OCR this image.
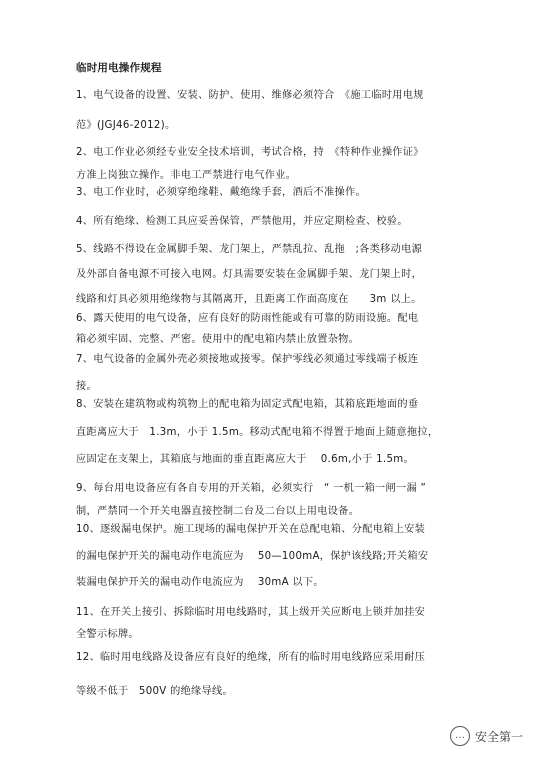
临时用电操作规程
1、电气设备的设置、安装、防护、使用、维修必须符合　《施工临时用电规
范》(JGJ46-2012)。
2、电工作业必须经专业安全技术培训，考试合格，持　《特种作业操作证》
方准上岗独立操作。非电工严禁进行电气作业。
3、电工作业时，必须穿绝缘鞋、戴绝缘手套，酒后不准操作。
4、所有绝缘、检测工具应妥善保管，严禁他用，并应定期检查、校验。
5、线路不得设在金属脚手架、龙门架上，严禁乱拉、乱拖　;各类移动电源
及外部自备电源不可接入电网。灯具需要安装在金属脚手架、龙门架上时，
线路和灯具必须用绝缘物与其隔离开，且距离工作面高度在　　3m 以上。
6、露天使用的电气设备，应有良好的防雨性能或有可靠的防雨设施。配电
箱必须牢固、完整、严密。使用中的配电箱内禁止放置杂物。
7、电气设备的金属外壳必须接地或接零。保护零线必须通过零线端子板连
接。
8、安装在建筑物或构筑物上的配电箱为固定式配电箱，其箱底距地面的垂
直距离应大于　1.3m，小于 1.5m。移动式配电箱不得置于地面上随意拖拉，
应固定在支架上，其箱底与地面的垂直距离应大于　 0.6m,小于 1.5m。
9、每台用电设备应有各自专用的开关箱，必须实行　“ 一机一箱一闸一漏 ”
制，严禁同一个开关电器直接控制二台及二台以上用电设备。
10、逐级漏电保护。施工现场的漏电保护开关在总配电箱、分配电箱上安装
的漏电保护开关的漏电动作电流应为　 50—100mA，保护该线路;开关箱安
装漏电保护开关的漏电动作电流应为　 30mA 以下。
11、在开关上接引、拆除临时用电线路时，其上级开关应断电上锁并加挂安
全警示标牌。
12、临时用电线路及设备应有良好的绝缘，所有的临时用电线路应采用耐压
等级不低于　500V 的绝缘导线。
… 安全第一
